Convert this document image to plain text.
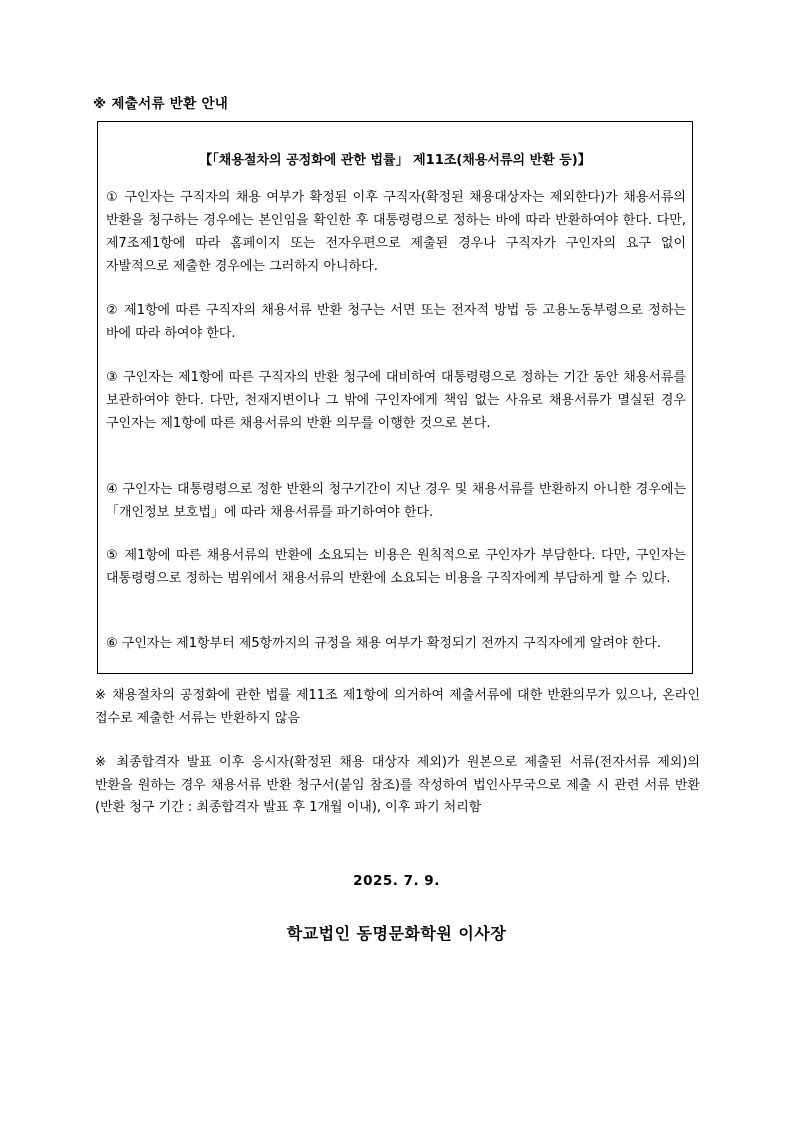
※ 제출서류 반환 안내
【「채용절차의 공정화에 관한 법률」 제11조(채용서류의 반환 등)】
① 구인자는 구직자의 채용 여부가 확정된 이후 구직자(확정된 채용대상자는 제외한다)가 채용서류의 반환을 청구하는 경우에는 본인임을 확인한 후 대통령령으로 정하는 바에 따라 반환하여야 한다. 다만, 제7조제1항에 따라 홈페이지 또는 전자우편으로 제출된 경우나 구직자가 구인자의 요구 없이 자발적으로 제출한 경우에는 그러하지 아니하다.
② 제1항에 따른 구직자의 채용서류 반환 청구는 서면 또는 전자적 방법 등 고용노동부령으로 정하는 바에 따라 하여야 한다.
③ 구인자는 제1항에 따른 구직자의 반환 청구에 대비하여 대통령령으로 정하는 기간 동안 채용서류를 보관하여야 한다. 다만, 천재지변이나 그 밖에 구인자에게 책임 없는 사유로 채용서류가 멸실된 경우 구인자는 제1항에 따른 채용서류의 반환 의무를 이행한 것으로 본다.
④ 구인자는 대통령령으로 정한 반환의 청구기간이 지난 경우 및 채용서류를 반환하지 아니한 경우에는「개인정보 보호법」에 따라 채용서류를 파기하여야 한다.
⑤ 제1항에 따른 채용서류의 반환에 소요되는 비용은 원칙적으로 구인자가 부담한다. 다만, 구인자는 대통령령으로 정하는 범위에서 채용서류의 반환에 소요되는 비용을 구직자에게 부담하게 할 수 있다.
⑥ 구인자는 제1항부터 제5항까지의 규정을 채용 여부가 확정되기 전까지 구직자에게 알려야 한다.
※ 채용절차의 공정화에 관한 법률 제11조 제1항에 의거하여 제출서류에 대한 반환의무가 있으나, 온라인 접수로 제출한 서류는 반환하지 않음
※ 최종합격자 발표 이후 응시자(확정된 채용 대상자 제외)가 원본으로 제출된 서류(전자서류 제외)의 반환을 원하는 경우 채용서류 반환 청구서(붙임 참조)를 작성하여 법인사무국으로 제출 시 관련 서류 반환(반환 청구 기간 : 최종합격자 발표 후 1개월 이내), 이후 파기 처리함
2025. 7. 9.
학교법인 동명문화학원 이사장
